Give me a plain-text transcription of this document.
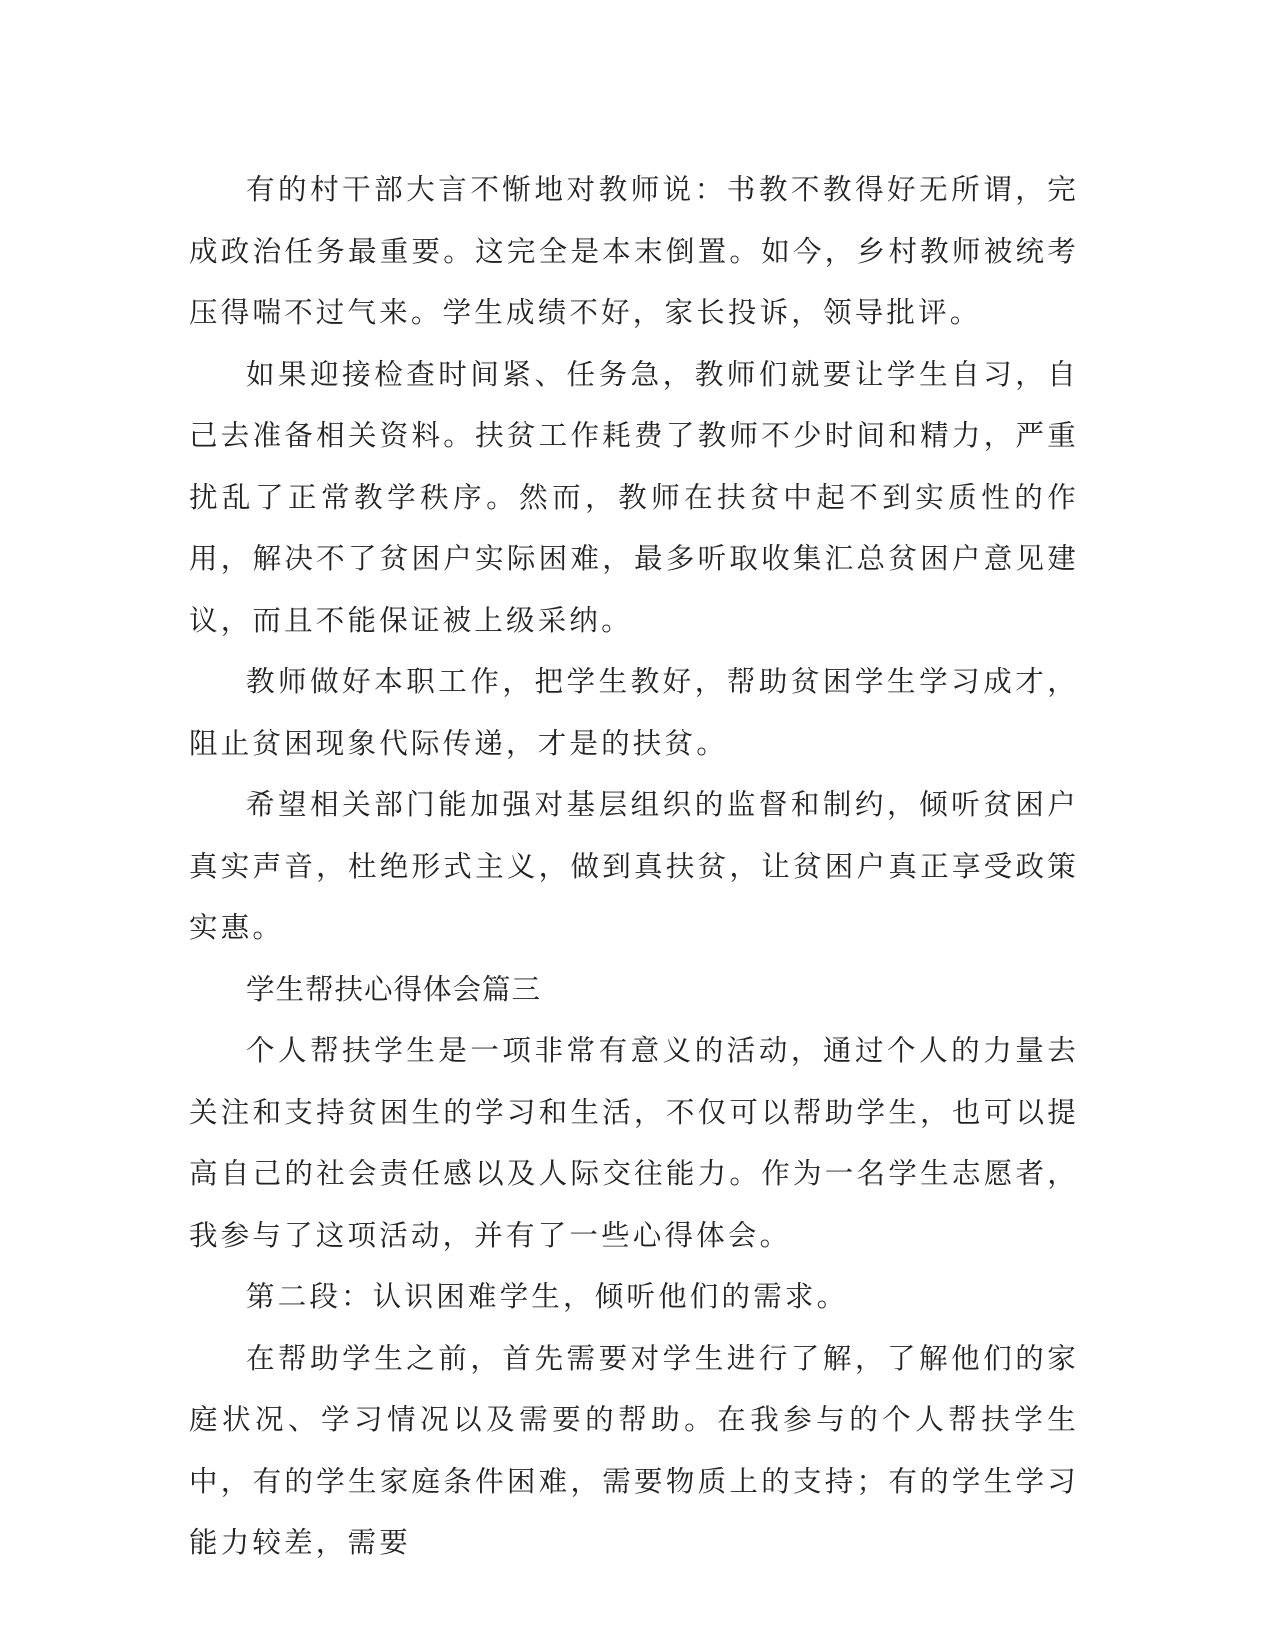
有的村干部大言不惭地对教师说：书教不教得好无所谓，完成政治任务最重要。这完全是本末倒置。如今，乡村教师被统考压得喘不过气来。学生成绩不好，家长投诉，领导批评。

如果迎接检查时间紧、任务急，教师们就要让学生自习，自己去准备相关资料。扶贫工作耗费了教师不少时间和精力，严重扰乱了正常教学秩序。然而，教师在扶贫中起不到实质性的作用，解决不了贫困户实际困难，最多听取收集汇总贫困户意见建议，而且不能保证被上级采纳。

教师做好本职工作，把学生教好，帮助贫困学生学习成才，阻止贫困现象代际传递，才是的扶贫。

希望相关部门能加强对基层组织的监督和制约，倾听贫困户真实声音，杜绝形式主义，做到真扶贫，让贫困户真正享受政策实惠。

学生帮扶心得体会篇三

个人帮扶学生是一项非常有意义的活动，通过个人的力量去关注和支持贫困生的学习和生活，不仅可以帮助学生，也可以提高自己的社会责任感以及人际交往能力。作为一名学生志愿者，我参与了这项活动，并有了一些心得体会。

第二段：认识困难学生，倾听他们的需求。

在帮助学生之前，首先需要对学生进行了解，了解他们的家庭状况、学习情况以及需要的帮助。在我参与的个人帮扶学生中，有的学生家庭条件困难，需要物质上的支持；有的学生学习能力较差，需要
